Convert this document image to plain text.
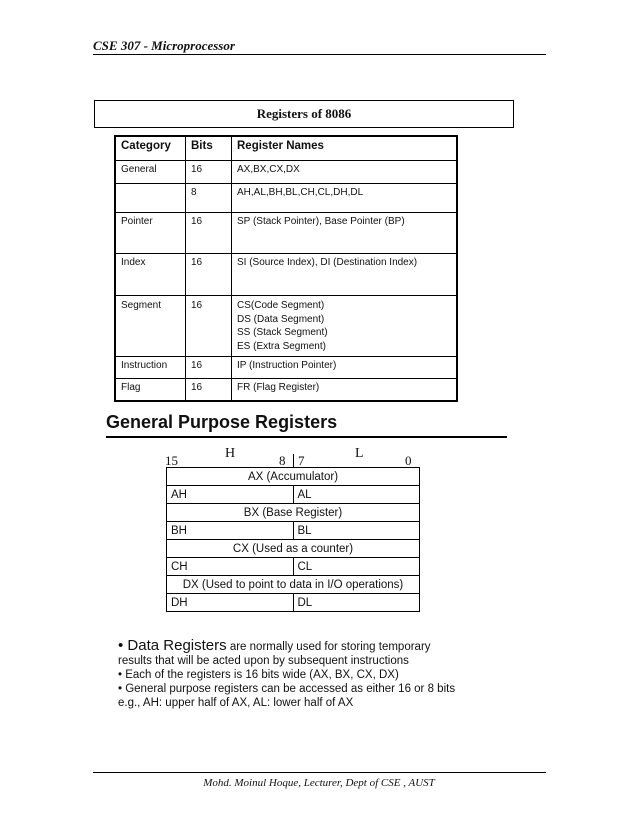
CSE 307 - Microprocessor
Registers of 8086
Category	Bits	Register Names
General	16	AX,BX,CX,DX
	8	AH,AL,BH,BL,CH,CL,DH,DL
Pointer	16	SP (Stack Pointer), Base Pointer (BP)
Index	16	SI (Source Index), DI (Destination Index)
Segment	16	CS(Code Segment)
DS (Data Segment)
SS (Stack Segment)
ES (Extra Segment)

Instruction	16	IP (Instruction Pointer)
Flag	16	FR (Flag Register)
General Purpose Registers
15	H	8 7	L	0
AX (Accumulator)	
AH	AL
BX (Base Register)	
BH	BL
CX (Used as a counter)	
CH	CL
DX (Used to point to data in I/O operations)	
DH	DL

• Data Registers are normally used for storing temporary

results that will be acted upon by subsequent instructions

• Each of the registers is 16 bits wide (AX, BX, CX, DX)

• General purpose registers can be accessed as either 16 or 8 bits

e.g., AH: upper half of AX, AL: lower half of AX

Mohd. Moinul Hoque, Lecturer, Dept of CSE , AUST
